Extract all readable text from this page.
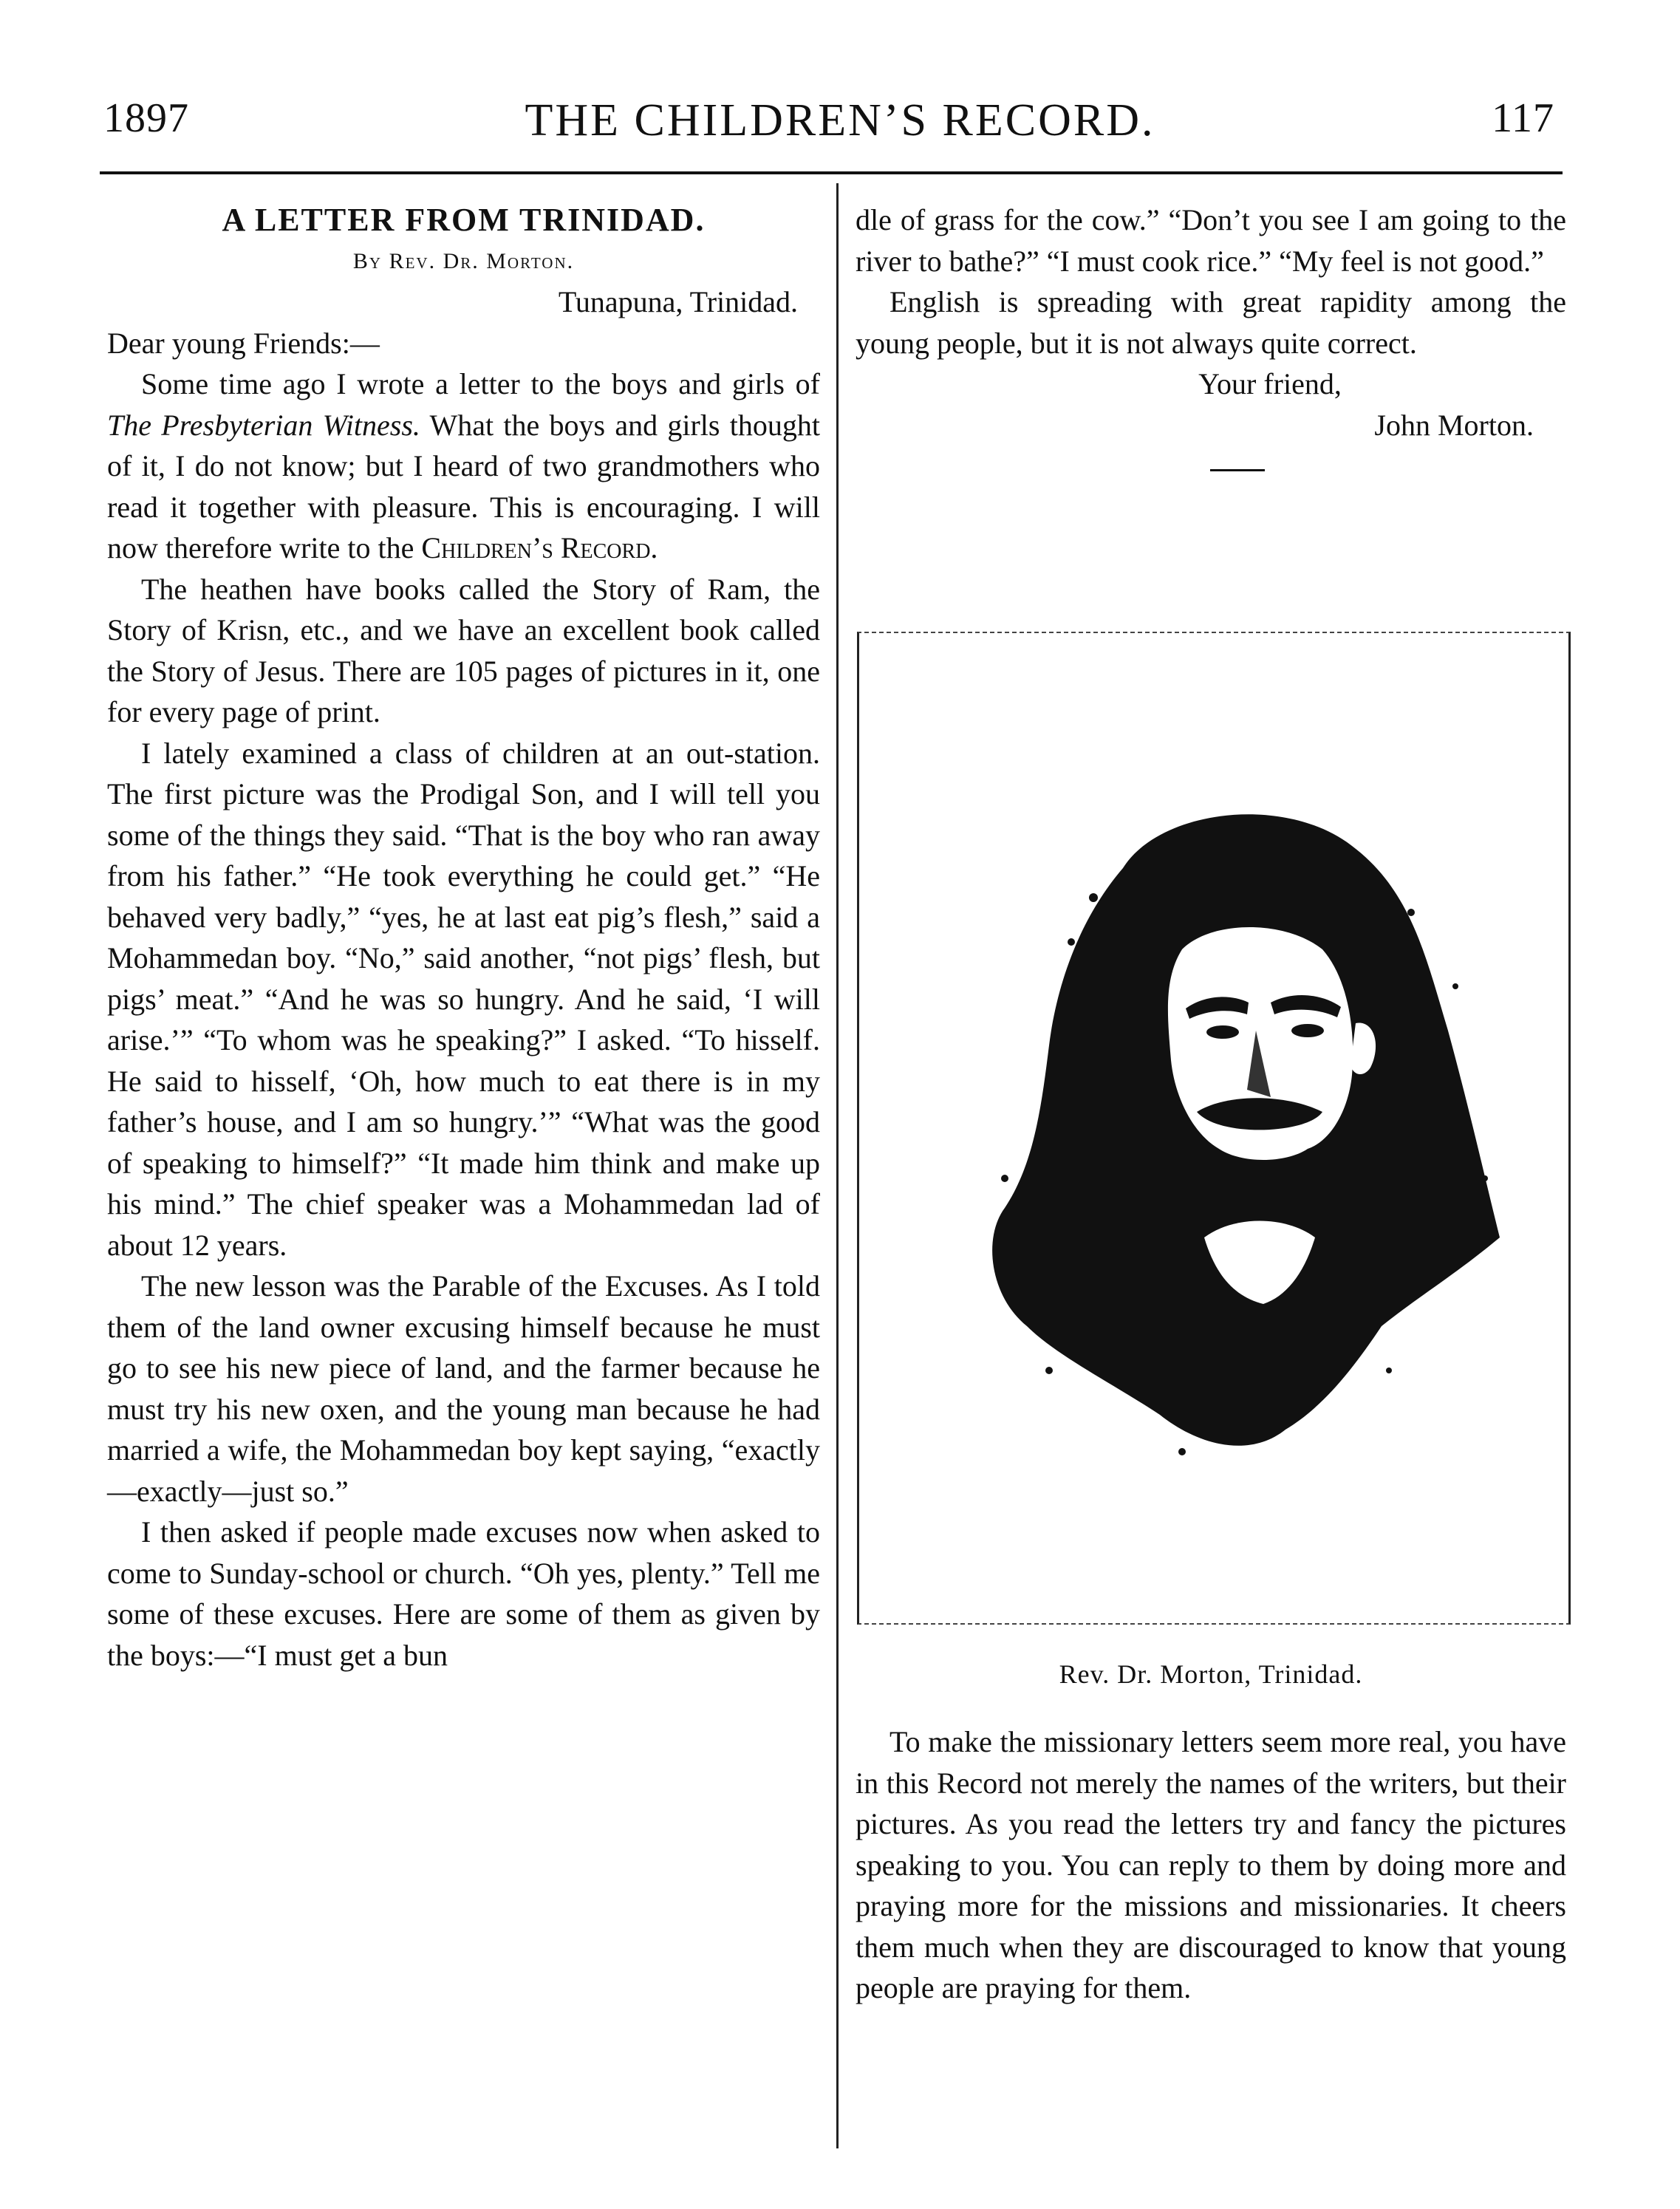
1897	THE CHILDREN’S RECORD.	117

A LETTER FROM TRINIDAD.

By Rev. Dr. Morton.

Tunapuna, Trinidad.

Dear young Friends:—

Some time ago I wrote a letter to the boys and girls of The Presbyterian Witness. What the boys and girls thought of it, I do not know; but I heard of two grandmothers who read it together with pleasure. This is encouraging. I will now therefore write to the Children’s Record.

The heathen have books called the Story of Ram, the Story of Krisn, etc., and we have an excellent book called the Story of Jesus. There are 105 pages of pictures in it, one for every page of print.

I lately examined a class of children at an out-station. The first picture was the Prodigal Son, and I will tell you some of the things they said. “That is the boy who ran away from his father.” “He took everything he could get.” “He behaved very badly,” “yes, he at last eat pig’s flesh,” said a Mohammedan boy. “No,” said another, “not pigs’ flesh, but pigs’ meat.” “And he was so hungry. And he said, ‘I will arise.’” “To whom was he speaking?” I asked. “To hisself. He said to hisself, ‘Oh, how much to eat there is in my father’s house, and I am so hungry.’” “What was the good of speaking to himself?” “It made him think and make up his mind.” The chief speaker was a Mohammedan lad of about 12 years.

The new lesson was the Parable of the Excuses. As I told them of the land owner excusing himself because he must go to see his new piece of land, and the farmer because he must try his new oxen, and the young man because he had married a wife, the Mohammedan boy kept saying, “exactly—exactly—just so.”

I then asked if people made excuses now when asked to come to Sunday-school or church. “Oh yes, plenty.” Tell me some of these excuses. Here are some of them as given by the boys:—“I must get a bun

dle of grass for the cow.” “Don’t you see I am going to the river to bathe?” “I must cook rice.” “My feel is not good.”

English is spreading with great rapidity among the young people, but it is not always quite correct.

Your friend,

John Morton.

Rev. Dr. Morton, Trinidad.

To make the missionary letters seem more real, you have in this Record not merely the names of the writers, but their pictures. As you read the letters try and fancy the pictures speaking to you. You can reply to them by doing more and praying more for the missions and missionaries. It cheers them much when they are discouraged to know that young people are praying for them.
